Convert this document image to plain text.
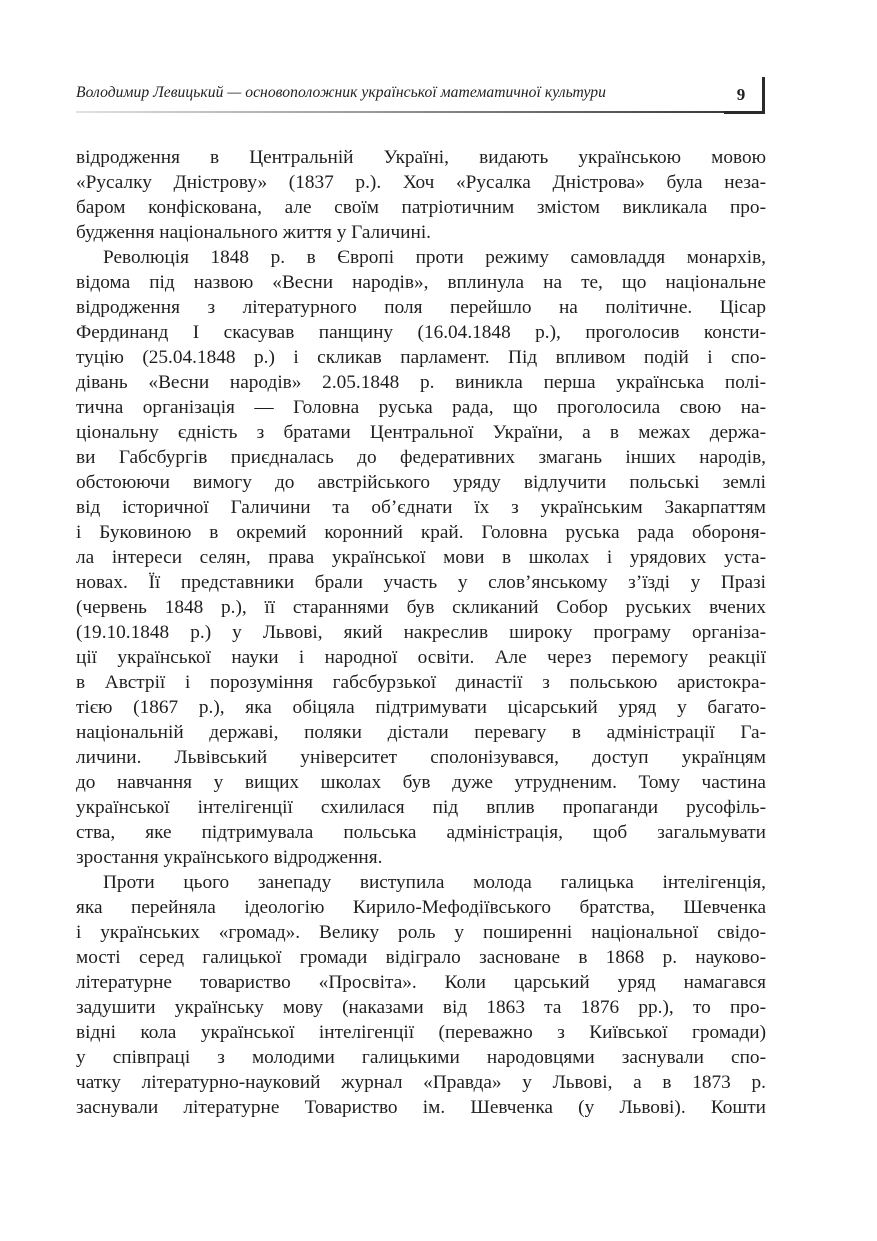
Володимир Левицький — основоположник української математичної культури	9
відродження в Центральній Україні, видають українською мовою
«Русалку Дністрову» (1837 р.). Хоч «Русалка Дністрова» була неза-
баром конфіскована, але своїм патріотичним змістом викликала про-
будження національного життя у Галичині.
Революція 1848 р. в Європі проти режиму самовладдя монархів,
відома під назвою «Весни народів», вплинула на те, що національне
відродження з літературного поля перейшло на політичне. Цісар
Фердинанд I скасував панщину (16.04.1848 р.), проголосив консти-
туцію (25.04.1848 р.) і скликав парламент. Під впливом подій і спо-
дівань «Весни народів» 2.05.1848 р. виникла перша українська полі-
тична організація — Головна руська рада, що проголосила свою на-
ціональну єдність з братами Центральної України, а в межах держа-
ви Габсбургів приєдналась до федеративних змагань інших народів,
обстоюючи вимогу до австрійського уряду відлучити польські землі
від історичної Галичини та об’єднати їх з українським Закарпаттям
і Буковиною в окремий коронний край. Головна руська рада обороня-
ла інтереси селян, права української мови в школах і урядових уста-
новах. Її представники брали участь у слов’янському з’їзді у Празі
(червень 1848 р.), її стараннями був скликаний Собор руських вчених
(19.10.1848 р.) у Львові, який накреслив широку програму організа-
ції української науки і народної освіти. Але через перемогу реакції
в Австрії і порозуміння габсбурзької династії з польською аристокра-
тією (1867 р.), яка обіцяла підтримувати цісарський уряд у багато-
національній державі, поляки дістали перевагу в адміністрації Га-
личини. Львівський університет сполонізувався, доступ українцям
до навчання у вищих школах був дуже утрудненим. Тому частина
української інтелігенції схилилася під вплив пропаганди русофіль-
ства, яке підтримувала польська адміністрація, щоб загальмувати
зростання українського відродження.
Проти цього занепаду виступила молода галицька інтелігенція,
яка перейняла ідеологію Кирило-Мефодіївського братства, Шевченка
і українських «громад». Велику роль у поширенні національної свідо-
мості серед галицької громади відіграло засноване в 1868 р. науково-
літературне товариство «Просвіта». Коли царський уряд намагався
задушити українську мову (наказами від 1863 та 1876 рр.), то про-
відні кола української інтелігенції (переважно з Київської громади)
у співпраці з молодими галицькими народовцями заснували спо-
чатку літературно-науковий журнал «Правда» у Львові, а в 1873 р.
заснували літературне Товариство ім. Шевченка (у Львові). Кошти
